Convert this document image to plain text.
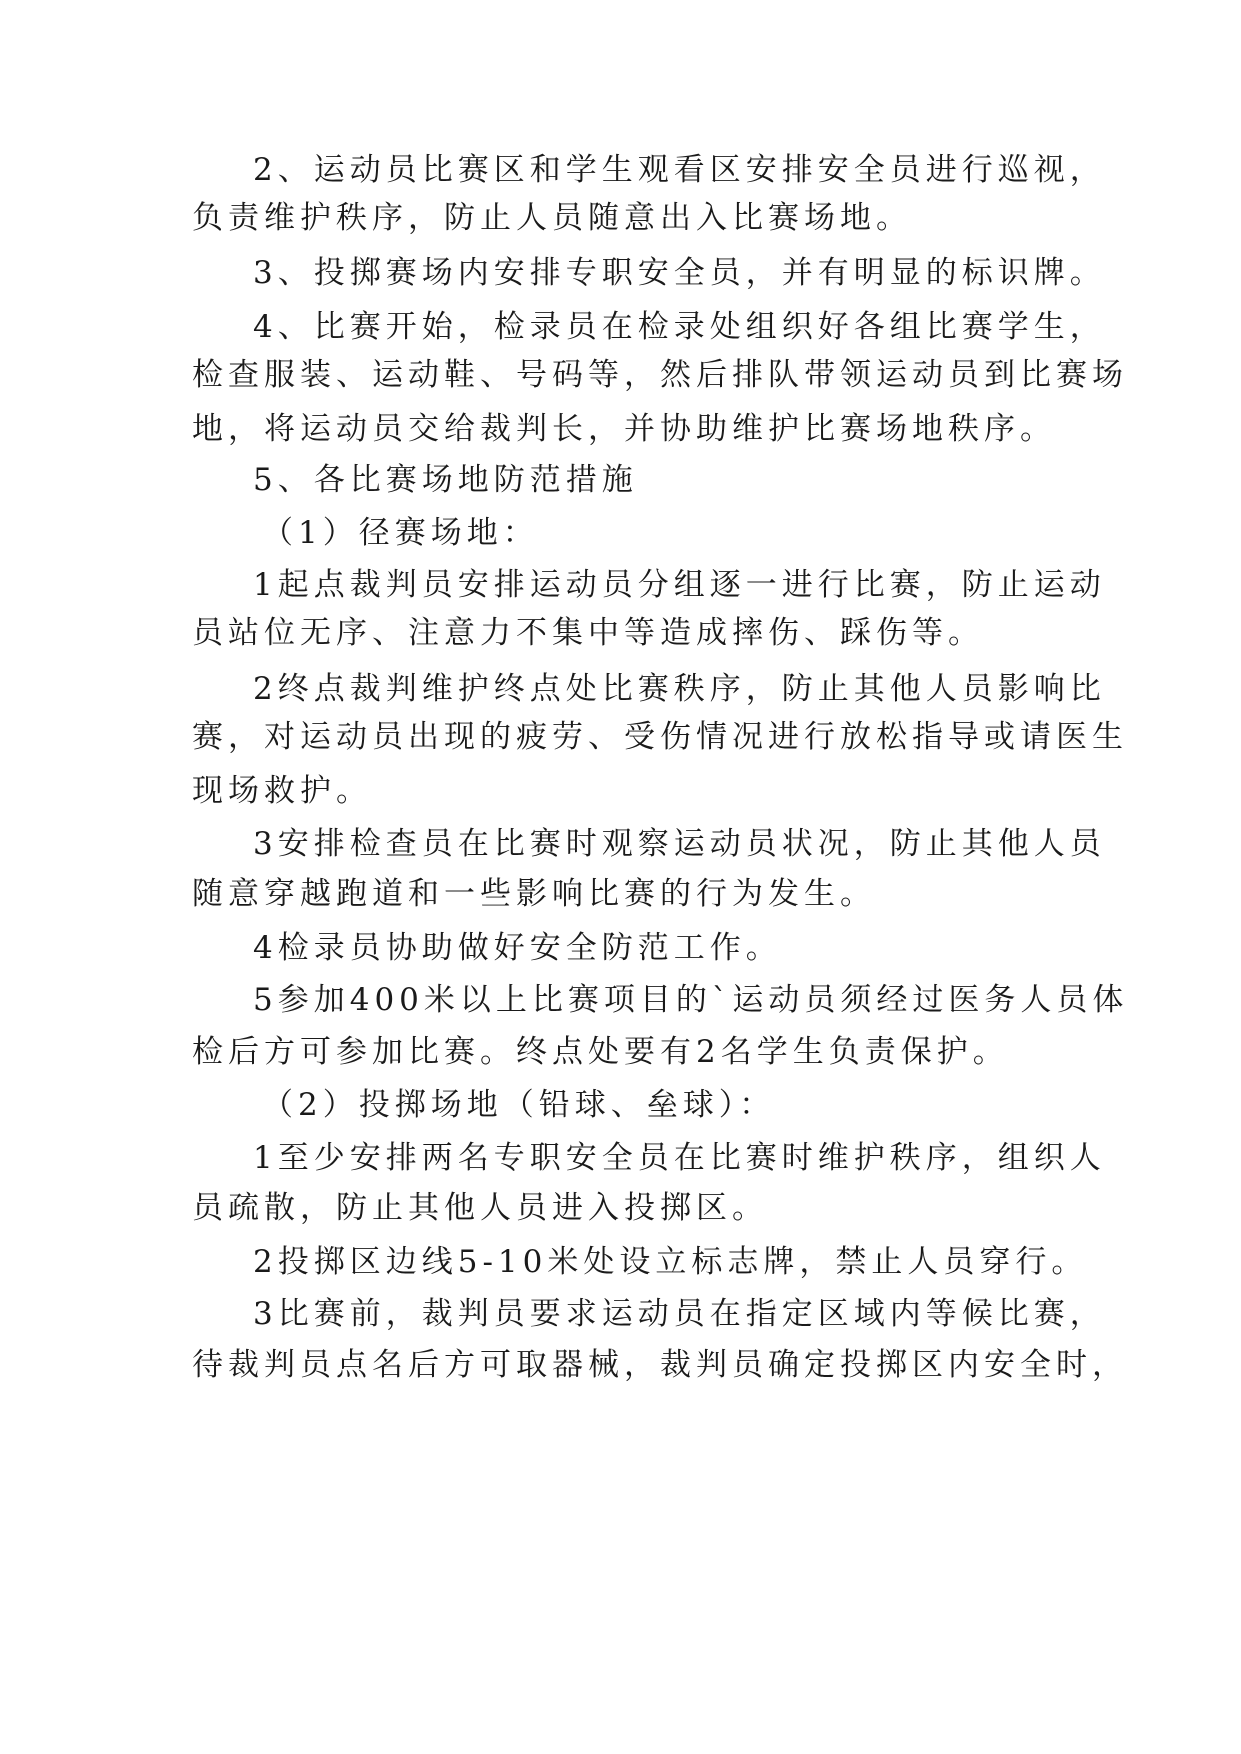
2、运动员比赛区和学生观看区安排安全员进行巡视，
负责维护秩序，防止人员随意出入比赛场地。
3、投掷赛场内安排专职安全员，并有明显的标识牌。
4、比赛开始，检录员在检录处组织好各组比赛学生，
检查服装、运动鞋、号码等，然后排队带领运动员到比赛场
地，将运动员交给裁判长，并协助维护比赛场地秩序。
5、各比赛场地防范措施
（1）径赛场地：
1起点裁判员安排运动员分组逐一进行比赛，防止运动
员站位无序、注意力不集中等造成摔伤、踩伤等。
2终点裁判维护终点处比赛秩序，防止其他人员影响比
赛，对运动员出现的疲劳、受伤情况进行放松指导或请医生
现场救护。
3安排检查员在比赛时观察运动员状况，防止其他人员
随意穿越跑道和一些影响比赛的行为发生。
4检录员协助做好安全防范工作。
5参加400米以上比赛项目的`运动员须经过医务人员体
检后方可参加比赛。终点处要有2名学生负责保护。
（2）投掷场地（铅球、垒球）：
1至少安排两名专职安全员在比赛时维护秩序，组织人
员疏散，防止其他人员进入投掷区。
2投掷区边线5-10米处设立标志牌，禁止人员穿行。
3比赛前，裁判员要求运动员在指定区域内等候比赛，
待裁判员点名后方可取器械，裁判员确定投掷区内安全时，
